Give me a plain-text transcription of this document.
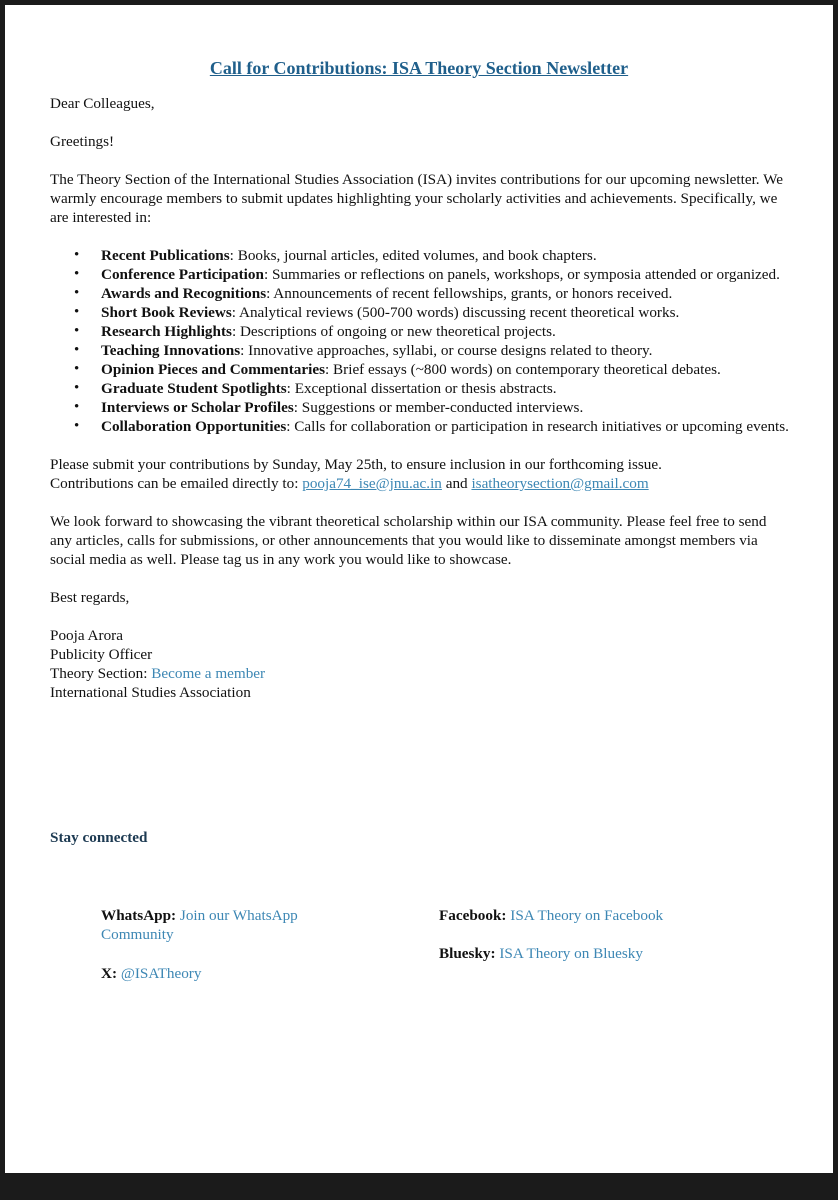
Call for Contributions: ISA Theory Section Newsletter

Dear Colleagues,

Greetings!

The Theory Section of the International Studies Association (ISA) invites contributions for our upcoming newsletter. We warmly encourage members to submit updates highlighting your scholarly activities and achievements. Specifically, we are interested in:

• Recent Publications: Books, journal articles, edited volumes, and book chapters.
• Conference Participation: Summaries or reflections on panels, workshops, or symposia attended or organized.
• Awards and Recognitions: Announcements of recent fellowships, grants, or honors received.
• Short Book Reviews: Analytical reviews (500-700 words) discussing recent theoretical works.
• Research Highlights: Descriptions of ongoing or new theoretical projects.
• Teaching Innovations: Innovative approaches, syllabi, or course designs related to theory.
• Opinion Pieces and Commentaries: Brief essays (~800 words) on contemporary theoretical debates.
• Graduate Student Spotlights: Exceptional dissertation or thesis abstracts.
• Interviews or Scholar Profiles: Suggestions or member-conducted interviews.
• Collaboration Opportunities: Calls for collaboration or participation in research initiatives or upcoming events.

Please submit your contributions by Sunday, May 25th, to ensure inclusion in our forthcoming issue.
Contributions can be emailed directly to: pooja74_ise@jnu.ac.in and isatheorysection@gmail.com

We look forward to showcasing the vibrant theoretical scholarship within our ISA community. Please feel free to send any articles, calls for submissions, or other announcements that you would like to disseminate amongst members via social media as well. Please tag us in any work you would like to showcase.

Best regards,

Pooja Arora
Publicity Officer
Theory Section: Become a member
International Studies Association
Stay connected
WhatsApp: Join our WhatsApp Community
X: @ISATheory
Facebook: ISA Theory on Facebook
Bluesky: ISA Theory on Bluesky
